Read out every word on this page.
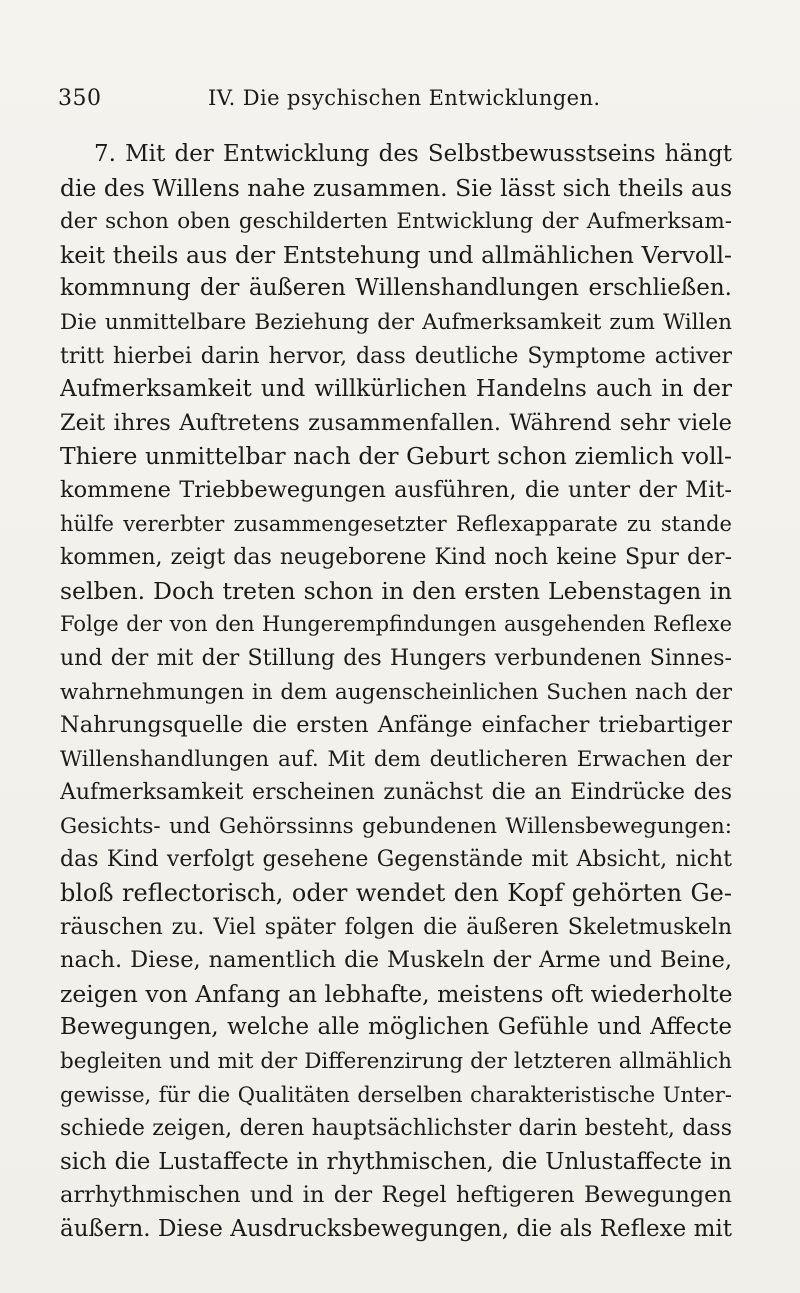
350	IV. Die psychischen Entwicklungen.
7. Mit der Entwicklung des Selbstbewusstseins hängt
die des Willens nahe zusammen. Sie lässt sich theils aus
der schon oben geschilderten Entwicklung der Aufmerksam-
keit theils aus der Entstehung und allmählichen Vervoll-
kommnung der äußeren Willenshandlungen erschließen.
Die unmittelbare Beziehung der Aufmerksamkeit zum Willen
tritt hierbei darin hervor, dass deutliche Symptome activer
Aufmerksamkeit und willkürlichen Handelns auch in der
Zeit ihres Auftretens zusammenfallen. Während sehr viele
Thiere unmittelbar nach der Geburt schon ziemlich voll-
kommene Triebbewegungen ausführen, die unter der Mit-
hülfe vererbter zusammengesetzter Reflexapparate zu stande
kommen, zeigt das neugeborene Kind noch keine Spur der-
selben. Doch treten schon in den ersten Lebenstagen in
Folge der von den Hungerempfindungen ausgehenden Reflexe
und der mit der Stillung des Hungers verbundenen Sinnes-
wahrnehmungen in dem augenscheinlichen Suchen nach der
Nahrungsquelle die ersten Anfänge einfacher triebartiger
Willenshandlungen auf. Mit dem deutlicheren Erwachen der
Aufmerksamkeit erscheinen zunächst die an Eindrücke des
Gesichts- und Gehörssinns gebundenen Willensbewegungen:
das Kind verfolgt gesehene Gegenstände mit Absicht, nicht
bloß reflectorisch, oder wendet den Kopf gehörten Ge-
räuschen zu. Viel später folgen die äußeren Skeletmuskeln
nach. Diese, namentlich die Muskeln der Arme und Beine,
zeigen von Anfang an lebhafte, meistens oft wiederholte
Bewegungen, welche alle möglichen Gefühle und Affecte
begleiten und mit der Differenzirung der letzteren allmählich
gewisse, für die Qualitäten derselben charakteristische Unter-
schiede zeigen, deren hauptsächlichster darin besteht, dass
sich die Lustaffecte in rhythmischen, die Unlustaffecte in
arrhythmischen und in der Regel heftigeren Bewegungen
äußern. Diese Ausdrucksbewegungen, die als Reflexe mit
